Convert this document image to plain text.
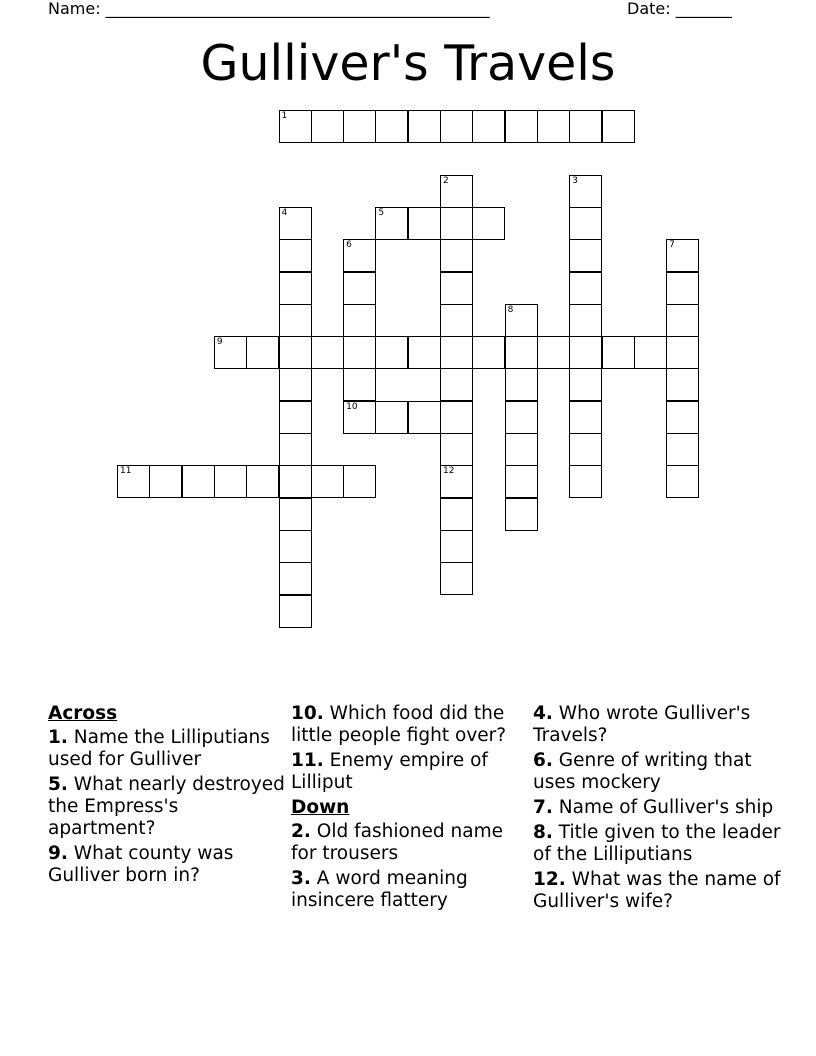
Name: ________________________________________________	Date: _______
Gulliver's Travels
1
2
12
3
4	5
6
10
7
8
9
11
Across
1. Name the Lilliputians used for Gulliver
5. What nearly destroyed the Empress's apartment?
9. What county was Gulliver born in?
10. Which food did the little people fight over?
11. Enemy empire of Lilliput
Down
2. Old fashioned name for trousers
3. A word meaning insincere flattery
4. Who wrote Gulliver's Travels?
6. Genre of writing that uses mockery
7. Name of Gulliver's ship
8. Title given to the leader of the Lilliputians
12. What was the name of Gulliver's wife?
